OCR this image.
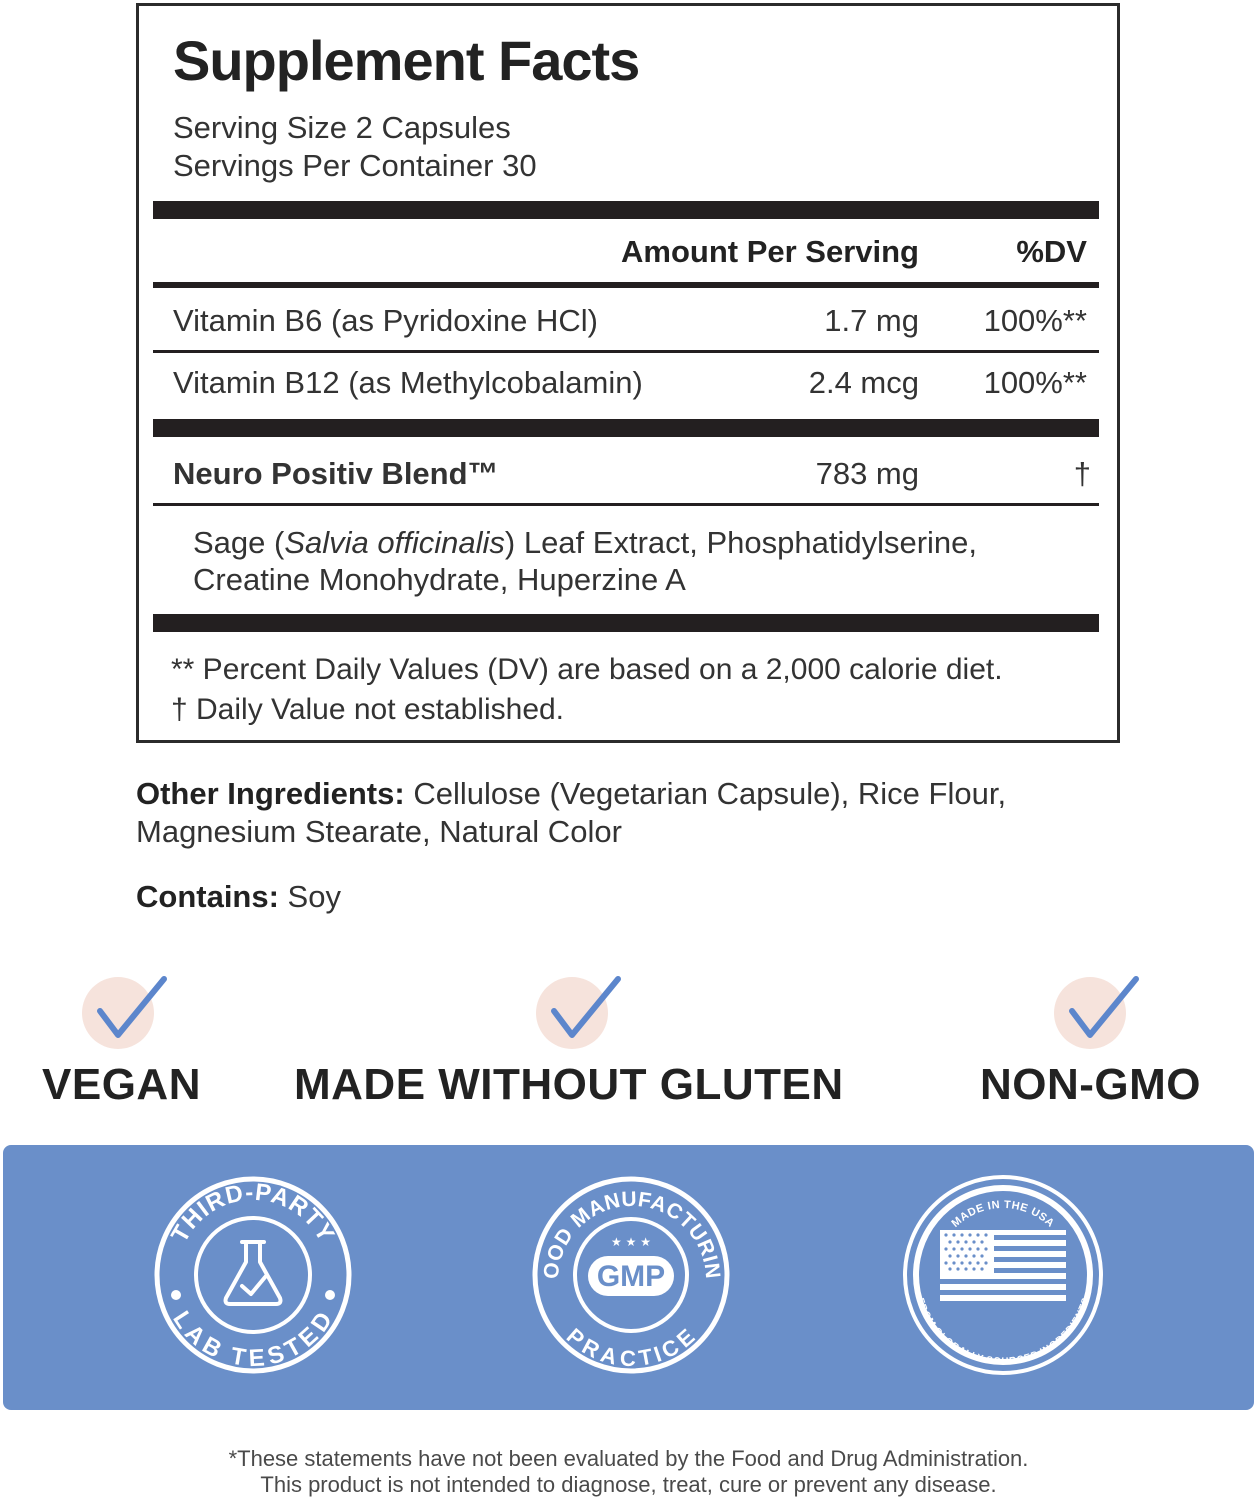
Supplement Facts
Serving Size 2 Capsules
Servings Per Container 30
Amount Per Serving	%DV
Vitamin B6 (as Pyridoxine HCl)	1.7 mg 100%**
Vitamin B12 (as Methylcobalamin)	2.4 mcg 100%**
Neuro Positiv Blend™	783 mg	†
Sage (Salvia officinalis) Leaf Extract, Phosphatidylserine,
Creatine Monohydrate, Huperzine A
** Percent Daily Values (DV) are based on a 2,000 calorie diet.
† Daily Value not established.
Other Ingredients: Cellulose (Vegetarian Capsule), Rice Flour,
Magnesium Stearate, Natural Color
Contains: Soy
VEGAN MADE WITHOUT GLUTEN	NON-GMO
THIRD-PARTY
LAB TESTED
OOD MANUFACTURIN
PRACTICE
★ ★ ★
GMP
MADE IN THE USA
FROM GLOBALLY SOURCED INGREDIENTS
*These statements have not been evaluated by the Food and Drug Administration.
This product is not intended to diagnose, treat, cure or prevent any disease.
